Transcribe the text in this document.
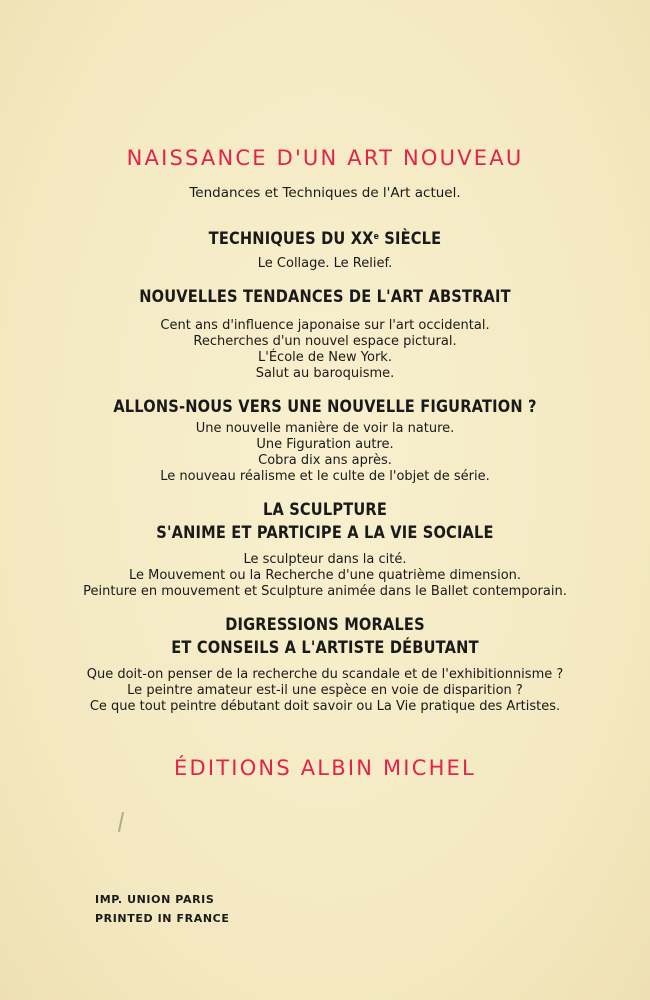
NAISSANCE D'UN ART NOUVEAU
Tendances et Techniques de l'Art actuel.
TECHNIQUES DU XXe SIÈCLE
Le Collage. Le Relief.
NOUVELLES TENDANCES DE L'ART ABSTRAIT
Cent ans d'influence japonaise sur l'art occidental.
Recherches d'un nouvel espace pictural.
L'École de New York.
Salut au baroquisme.
ALLONS-NOUS VERS UNE NOUVELLE FIGURATION ?
Une nouvelle manière de voir la nature.
Une Figuration autre.
Cobra dix ans après.
Le nouveau réalisme et le culte de l'objet de série.
LA SCULPTURE
S'ANIME ET PARTICIPE A LA VIE SOCIALE
Le sculpteur dans la cité.
Le Mouvement ou la Recherche d'une quatrième dimension.
Peinture en mouvement et Sculpture animée dans le Ballet contemporain.
DIGRESSIONS MORALES
ET CONSEILS A L'ARTISTE DÉBUTANT
Que doit-on penser de la recherche du scandale et de l'exhibitionnisme ?
Le peintre amateur est-il une espèce en voie de disparition ?
Ce que tout peintre débutant doit savoir ou La Vie pratique des Artistes.
ÉDITIONS ALBIN MICHEL
IMP. UNION PARIS
PRINTED IN FRANCE
